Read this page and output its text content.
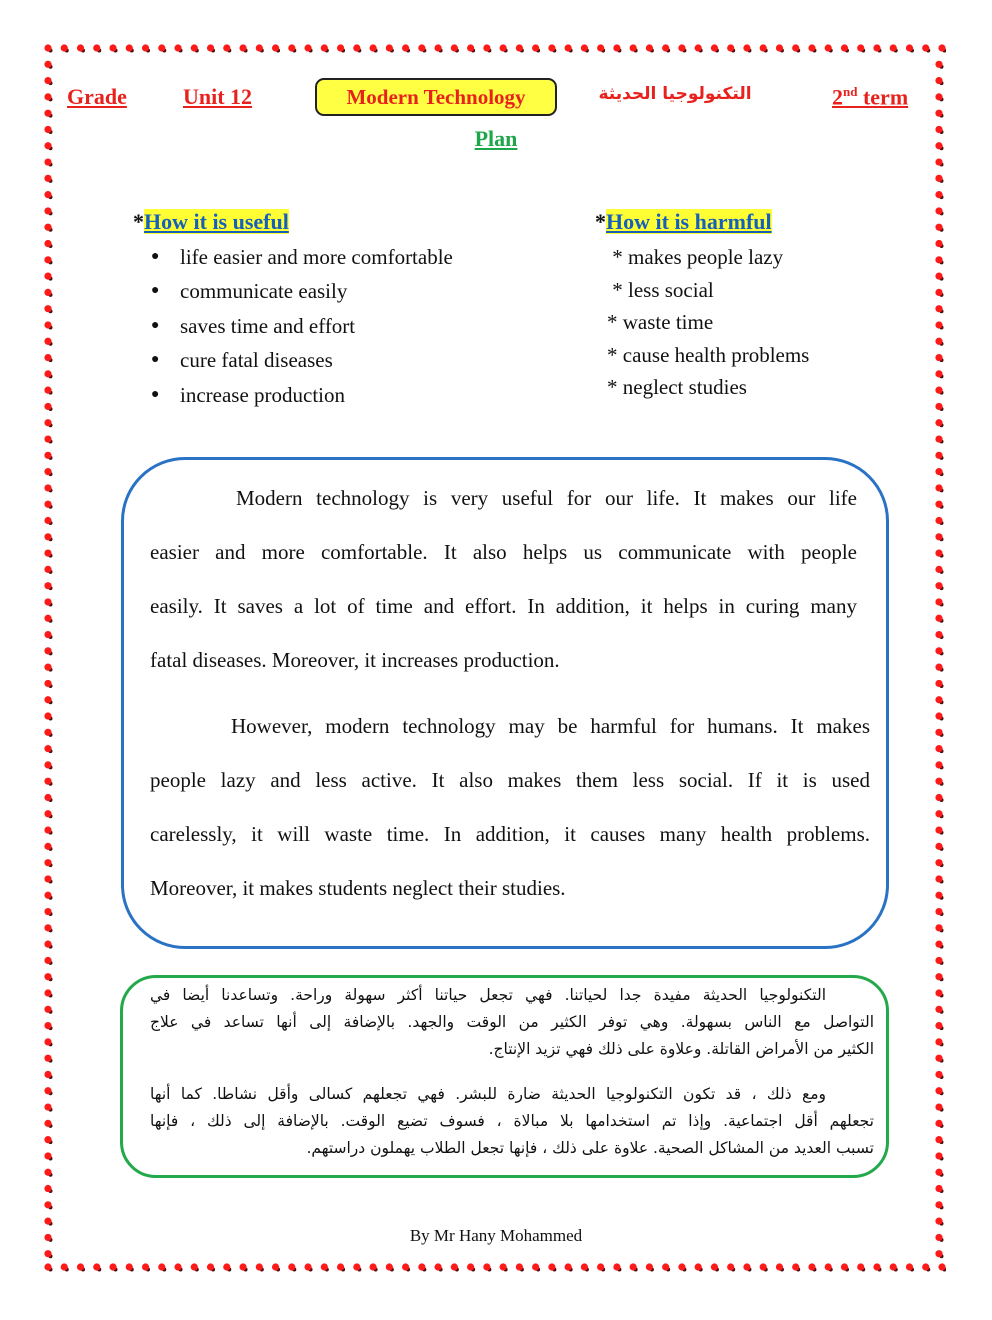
Grade	Unit 12	Modern Technology	التكنولوجيا الحديثة	2nd term
Plan
*How it is useful	*How it is harmful
● life easier and more comfortable
● communicate easily
● saves time and effort
● cure fatal diseases
● increase production
* makes people lazy
* less social
* waste time
* cause health problems
* neglect studies
Modern technology is very useful for our life. It makes our life
easier and more comfortable. It also helps us communicate with people
easily. It saves a lot of time and effort. In addition, it helps in curing many
fatal diseases. Moreover, it increases production.
However, modern technology may be harmful for humans. It makes
people lazy and less active. It also makes them less social. If it is used
carelessly, it will waste time. In addition, it causes many health problems.
Moreover, it makes students neglect their studies.
التكنولوجيا الحديثة مفيدة جدا لحياتنا. فهي تجعل حياتنا أكثر سهولة وراحة. وتساعدنا أيضا في
التواصل مع الناس بسهولة. وهي توفر الكثير من الوقت والجهد. بالإضافة إلى أنها تساعد في علاج
الكثير من الأمراض القاتلة. وعلاوة على ذلك فهي تزيد الإنتاج.
ومع ذلك ، قد تكون التكنولوجيا الحديثة ضارة للبشر. فهي تجعلهم كسالى وأقل نشاطا. كما أنها
تجعلهم أقل اجتماعية. وإذا تم استخدامها بلا مبالاة ، فسوف تضيع الوقت. بالإضافة إلى ذلك ، فإنها
تسبب العديد من المشاكل الصحية. علاوة على ذلك ، فإنها تجعل الطلاب يهملون دراستهم.
By Mr Hany Mohammed
